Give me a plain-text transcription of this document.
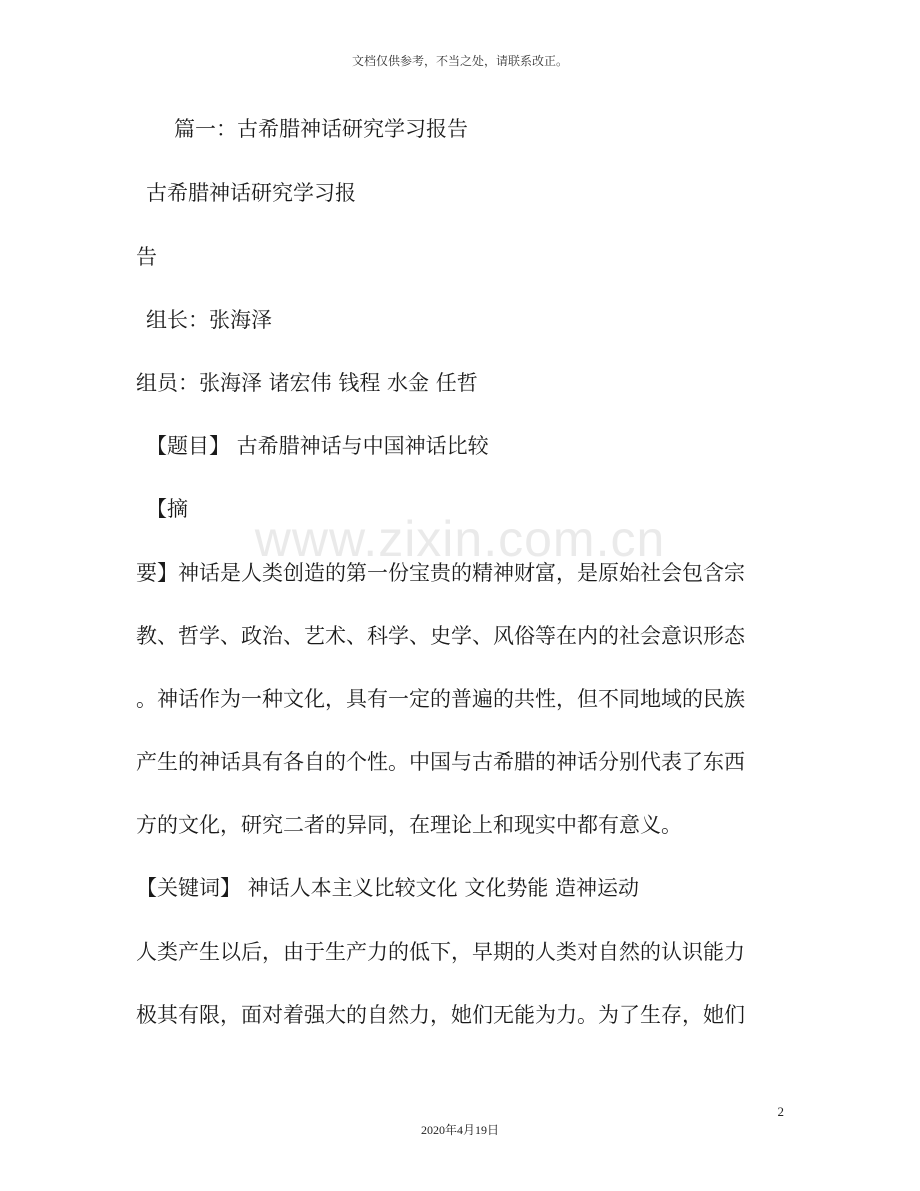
文档仅供参考，不当之处，请联系改正。
www.zixin.com.cn
篇一：古希腊神话研究学习报告
古希腊神话研究学习报
告
组长：张海泽
组员：张海泽 诸宏伟 钱程 水金 任哲
【题目】 古希腊神话与中国神话比较
【摘
要】神话是人类创造的第一份宝贵的精神财富，是原始社会包含宗
教、哲学、政治、艺术、科学、史学、风俗等在内的社会意识形态
。神话作为一种文化，具有一定的普遍的共性，但不同地域的民族
产生的神话具有各自的个性。中国与古希腊的神话分别代表了东西
方的文化，研究二者的异同，在理论上和现实中都有意义。
【关键词】 神话人本主义比较文化 文化势能 造神运动
人类产生以后，由于生产力的低下，早期的人类对自然的认识能力
极其有限，面对着强大的自然力，她们无能为力。为了生存，她们
2
2020年4月19日
